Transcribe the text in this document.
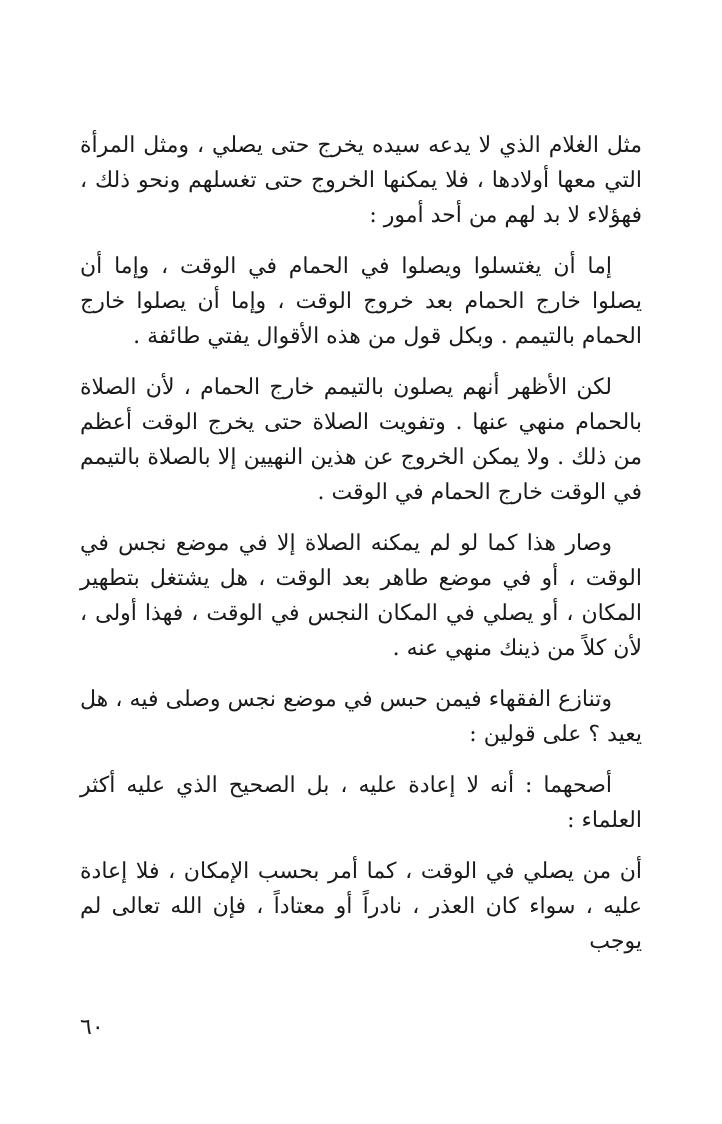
مثل الغلام الذي لا يدعه سيده يخرج حتى يصلي ، ومثل المرأة التي معها أولادها ، فلا يمكنها الخروج حتى تغسلهم ونحو ذلك ، فهؤلاء لا بد لهم من أحد أمور :

إما أن يغتسلوا ويصلوا في الحمام في الوقت ، وإما أن يصلوا خارج الحمام بعد خروج الوقت ، وإما أن يصلوا خارج الحمام بالتيمم . وبكل قول من هذه الأقوال يفتي طائفة .

لكن الأظهر أنهم يصلون بالتيمم خارج الحمام ، لأن الصلاة بالحمام منهي عنها . وتفويت الصلاة حتى يخرج الوقت أعظم من ذلك . ولا يمكن الخروج عن هذين النهيين إلا بالصلاة بالتيمم في الوقت خارج الحمام في الوقت .

وصار هذا كما لو لم يمكنه الصلاة إلا في موضع نجس في الوقت ، أو في موضع طاهر بعد الوقت ، هل يشتغل بتطهير المكان ، أو يصلي في المكان النجس في الوقت ، فهذا أولى ، لأن كلاً من ذينك منهي عنه .

وتنازع الفقهاء فيمن حبس في موضع نجس وصلى فيه ، هل يعيد ؟ على قولين :

أصحهما : أنه لا إعادة عليه ، بل الصحيح الذي عليه أكثر العلماء :

أن من يصلي في الوقت ، كما أمر بحسب الإمكان ، فلا إعادة عليه ، سواء كان العذر ، نادراً أو معتاداً ، فإن الله تعالى لم يوجب

٦٠
